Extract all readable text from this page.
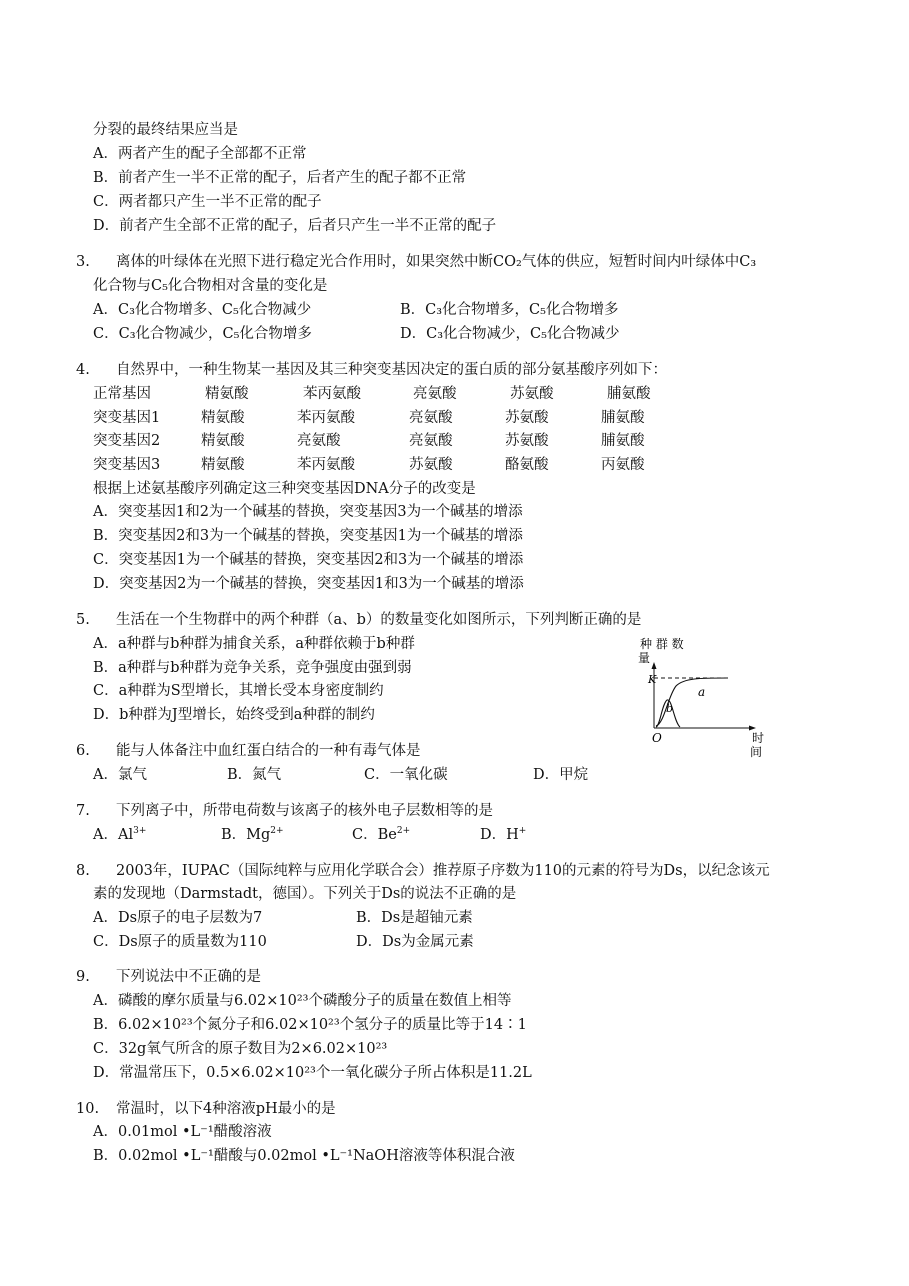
分裂的最终结果应当是
A．两者产生的配子全部都不正常
B．前者产生一半不正常的配子，后者产生的配子都不正常
C．两者都只产生一半不正常的配子
D．前者产生全部不正常的配子，后者只产生一半不正常的配子
3. 离体的叶绿体在光照下进行稳定光合作用时，如果突然中断CO₂气体的供应，短暂时间内叶绿体中C₃
化合物与C₅化合物相对含量的变化是
A．C₃化合物增多、C₅化合物减少	B．C₃化合物增多，C₅化合物增多
C．C₃化合物减少，C₅化合物增多	D．C₃化合物减少，C₅化合物减少
4. 自然界中，一种生物某一基因及其三种突变基因决定的蛋白质的部分氨基酸序列如下：
正常基因	精氨酸	苯丙氨酸	亮氨酸	苏氨酸	脯氨酸
突变基因1	精氨酸	苯丙氨酸	亮氨酸	苏氨酸	脯氨酸
突变基因2	精氨酸	亮氨酸	亮氨酸	苏氨酸	脯氨酸
突变基因3	精氨酸	苯丙氨酸	苏氨酸	酪氨酸	丙氨酸
根据上述氨基酸序列确定这三种突变基因DNA分子的改变是
A．突变基因1和2为一个碱基的替换，突变基因3为一个碱基的增添
B．突变基因2和3为一个碱基的替换，突变基因1为一个碱基的增添
C．突变基因1为一个碱基的替换，突变基因2和3为一个碱基的增添
D．突变基因2为一个碱基的替换，突变基因1和3为一个碱基的增添
5. 生活在一个生物群中的两个种群（a、b）的数量变化如图所示，下列判断正确的是
A．a种群与b种群为捕食关系，a种群依赖于b种群
B．a种群与b种群为竞争关系，竞争强度由强到弱
C．a种群为S型增长，其增长受本身密度制约
D．b种群为J型增长，始终受到a种群的制约
种 群 数
量
K
a
b
O	时
间
6. 能与人体备注中血红蛋白结合的一种有毒气体是
A．氯气	B．氮气	C．一氧化碳	D．甲烷
7. 下列离子中，所带电荷数与该离子的核外电子层数相等的是
A．$Al^{3+}$	B．$Mg^{2+}$	C．$Be^{2+}$	D．H+
8. 2003年，IUPAC（国际纯粹与应用化学联合会）推荐原子序数为110的元素的符号为Ds，以纪念该元
素的发现地（Darmstadt，德国）。下列关于Ds的说法不正确的是
A．Ds原子的电子层数为7	B．Ds是超铀元素
C．Ds原子的质量数为110	D．Ds为金属元素
9. 下列说法中不正确的是
A．磷酸的摩尔质量与6.02×10²³个磷酸分子的质量在数值上相等
B．6.02×10²³个氮分子和6.02×10²³个氢分子的质量比等于14∶1
C．32g氧气所含的原子数目为2×6.02×10²³
D．常温常压下，0.5×6.02×10²³个一氧化碳分子所占体积是11.2L
10. 常温时，以下4种溶液pH最小的是
A．0.01mol •L⁻¹醋酸溶液
B．0.02mol •L⁻¹醋酸与0.02mol •L⁻¹NaOH溶液等体积混合液
